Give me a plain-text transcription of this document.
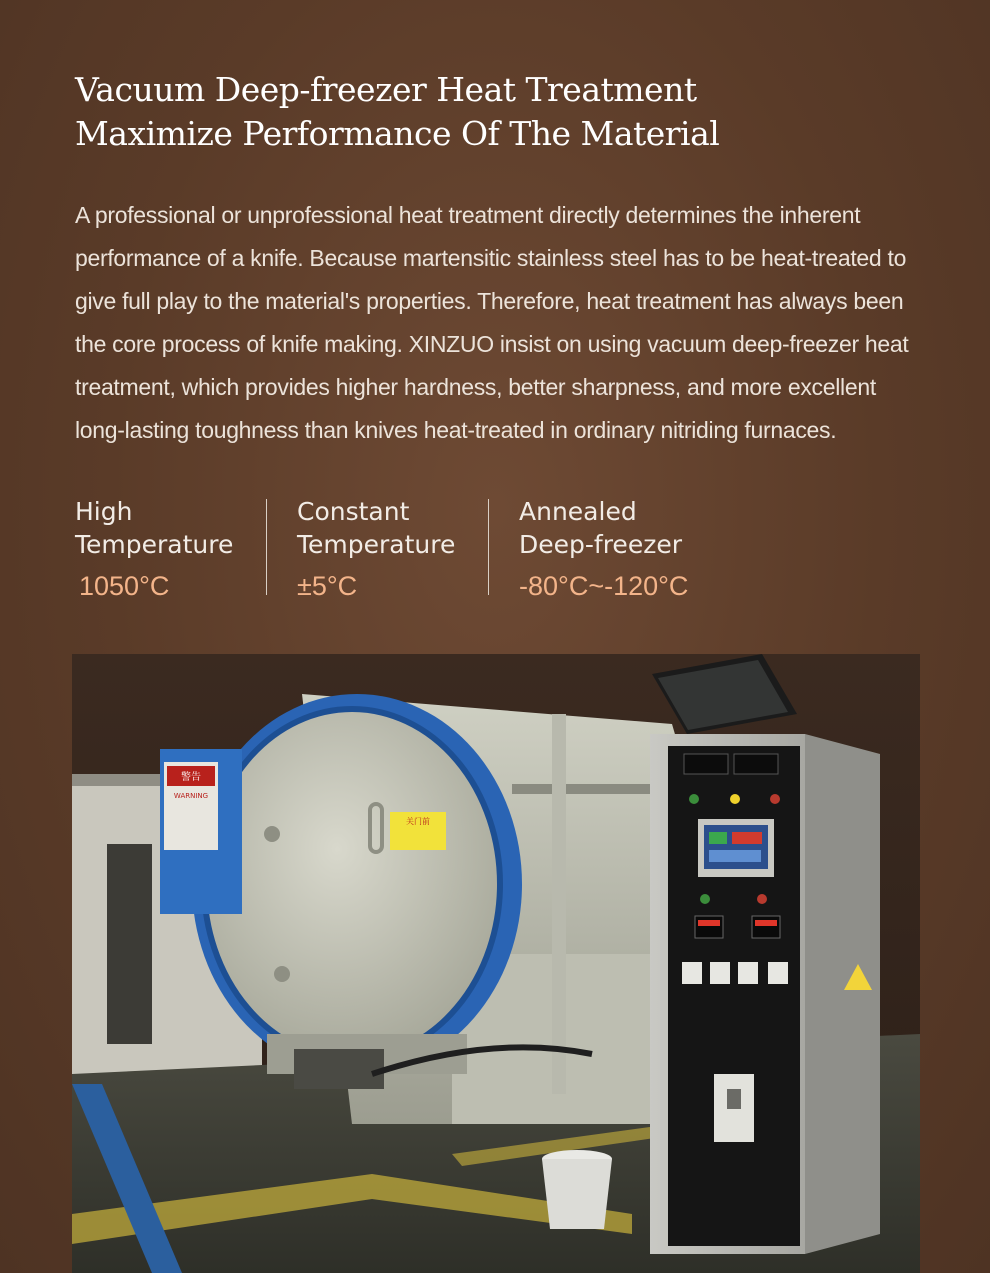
Vacuum Deep-freezer Heat Treatment
Maximize Performance Of The Material
A professional or unprofessional heat treatment directly determines the inherent performance of a knife. Because martensitic stainless steel has to be heat-treated to give full play to the material's properties. Therefore, heat treatment has always been the core process of knife making. XINZUO insist on using vacuum deep-freezer heat treatment, which provides higher hardness, better sharpness, and more excellent long-lasting toughness than knives heat-treated in ordinary nitriding furnaces.
High
Temperature
1050°C
Constant
Temperature
±5°C
Annealed
Deep-freezer
-80°C~-120°C
警告
WARNING
关门前
